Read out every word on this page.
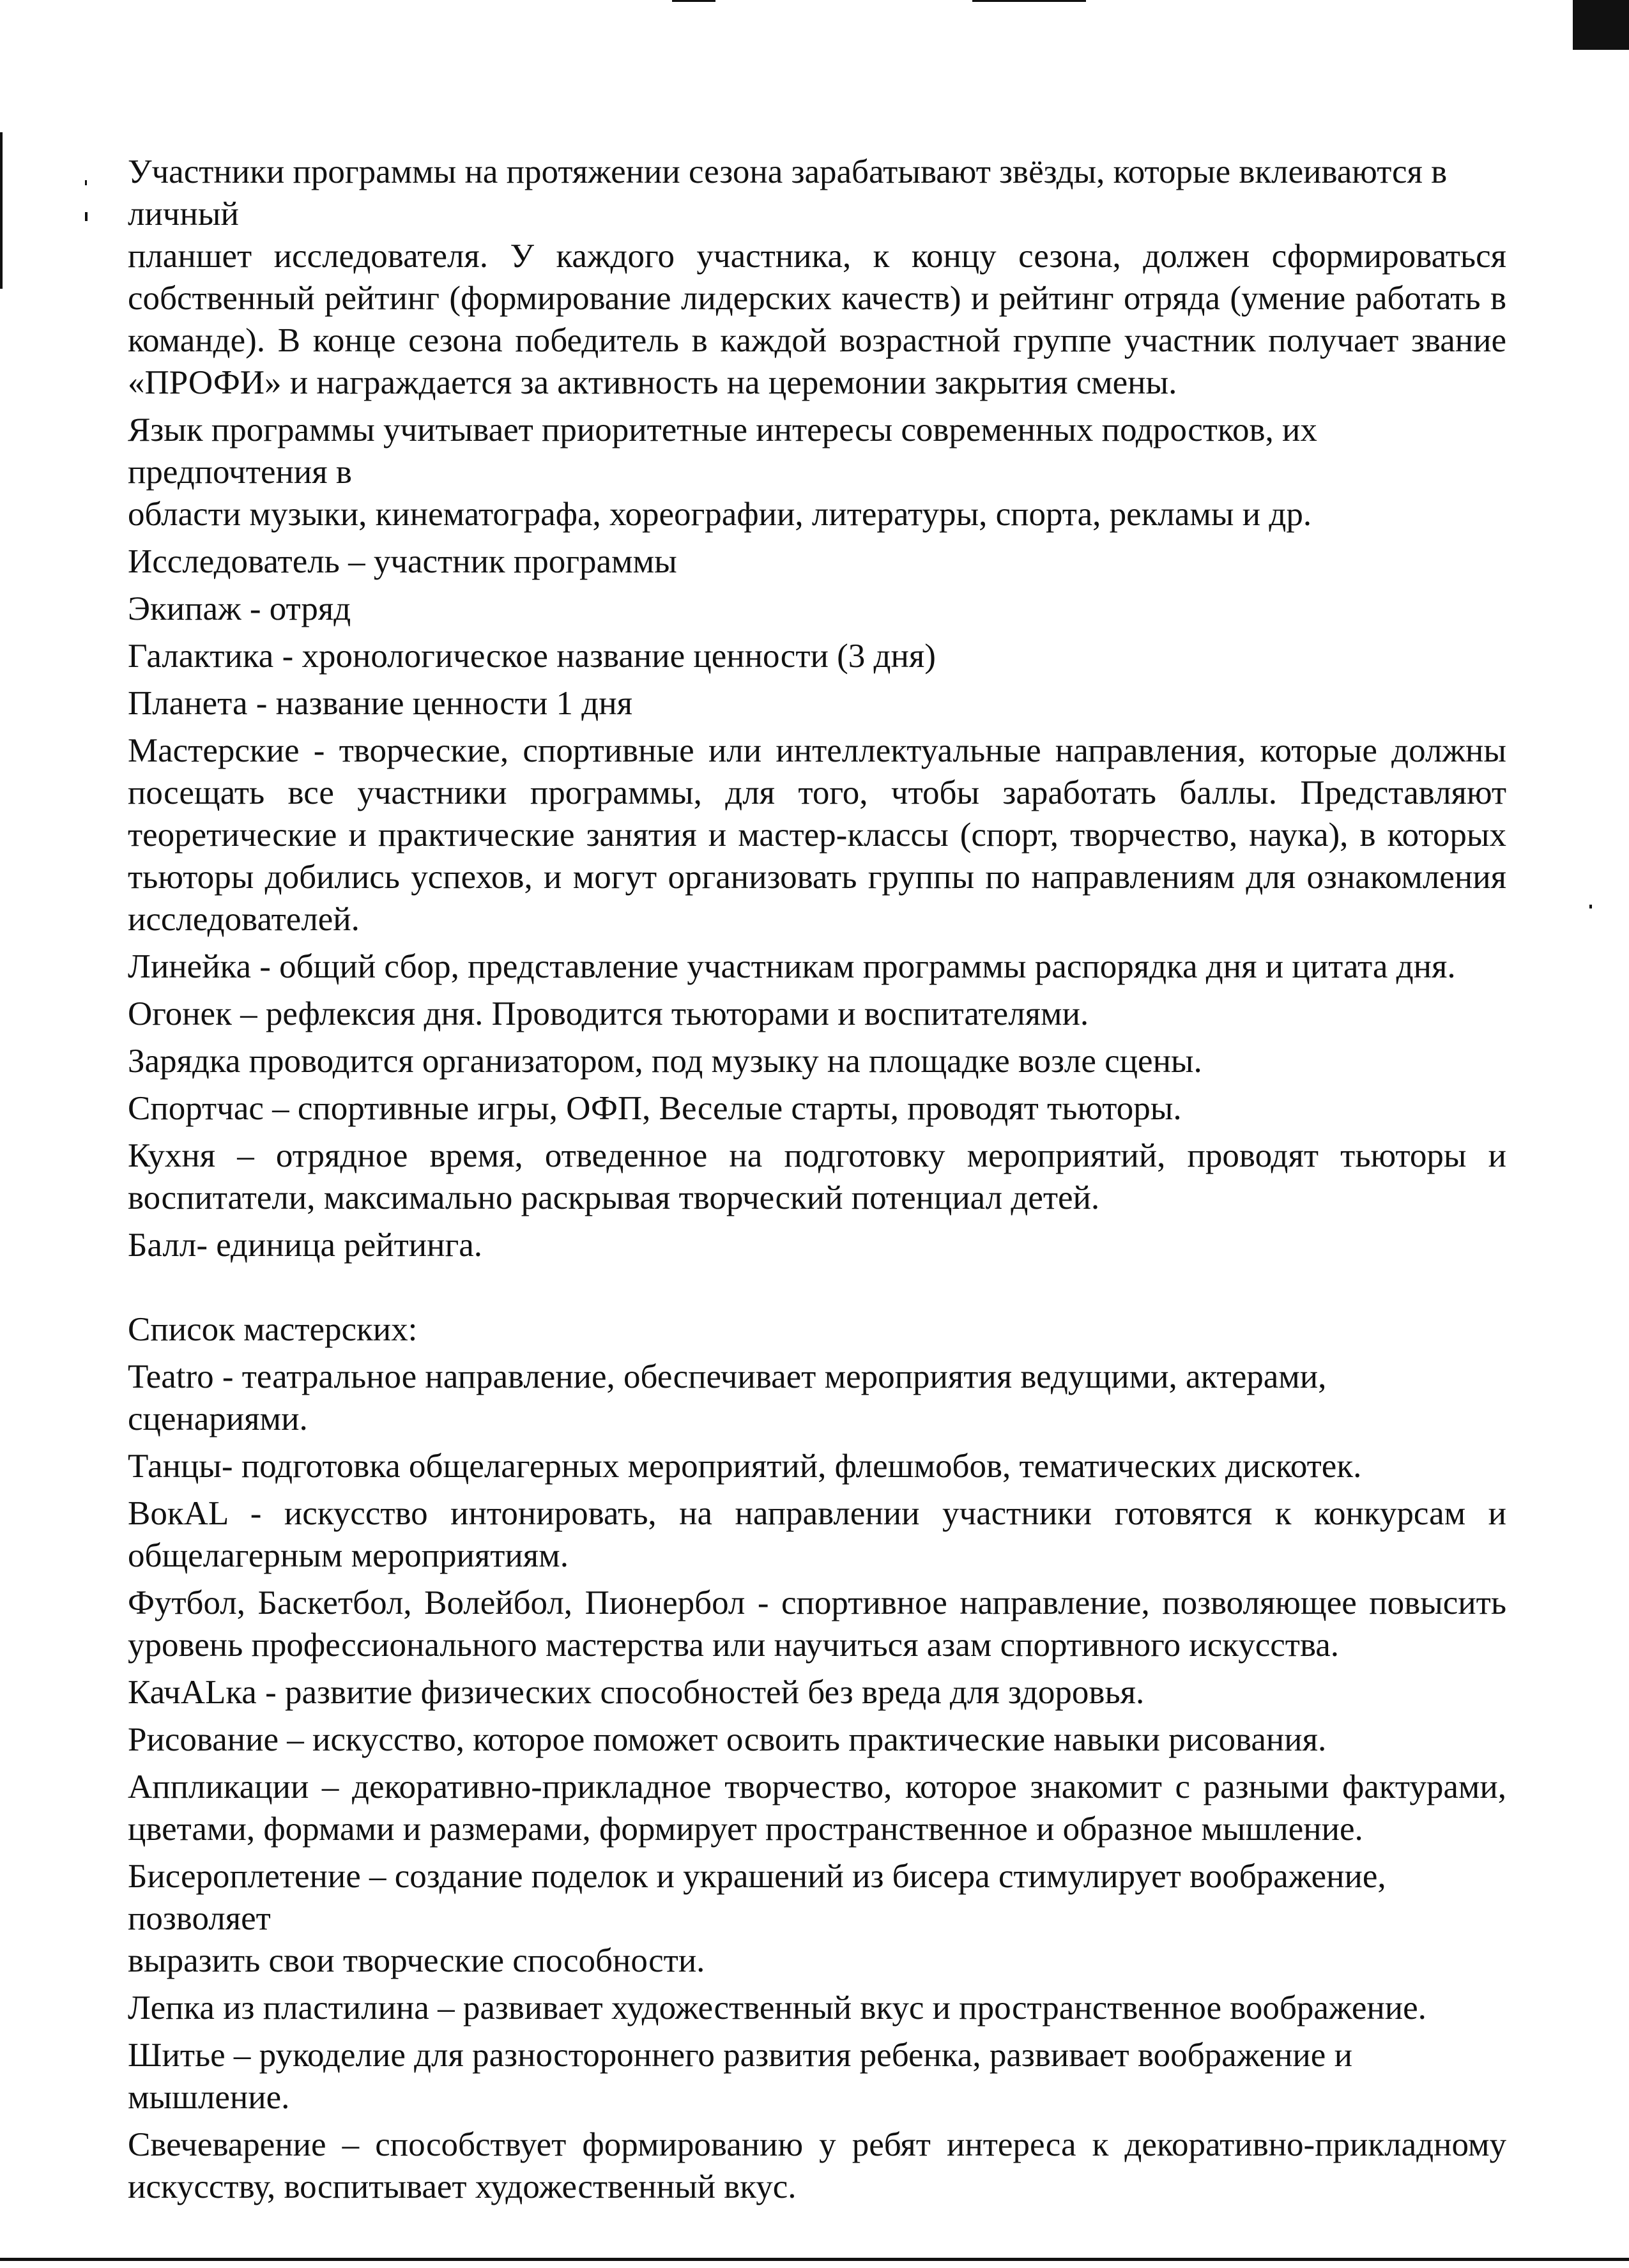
Участники программы на протяжении сезона зарабатывают звёзды, которые вклеиваются в личный
планшет исследователя. У каждого участника, к концу сезона, должен сформироваться
собственный рейтинг (формирование лидерских качеств) и рейтинг отряда (умение работать в
команде). В конце сезона победитель в каждой возрастной группе участник получает звание
«ПРОФИ» и награждается за активность на церемонии закрытия смены.
Язык программы учитывает приоритетные интересы современных подростков, их предпочтения в
области музыки, кинематографа, хореографии, литературы, спорта, рекламы и др.
Исследователь – участник программы
Экипаж - отряд
Галактика - хронологическое название ценности (3 дня)
Планета - название ценности 1 дня
Мастерские - творческие, спортивные или интеллектуальные направления, которые должны
посещать все участники программы, для того, чтобы заработать баллы. Представляют
теоретические и практические занятия и мастер-классы (спорт, творчество, наука), в которых
тьюторы добились успехов, и могут организовать группы по направлениям для ознакомления
исследователей.
Линейка - общий сбор, представление участникам программы распорядка дня и цитата дня.
Огонек – рефлексия дня. Проводится тьюторами и воспитателями.
Зарядка проводится организатором, под музыку на площадке возле сцены.
Спортчас – спортивные игры, ОФП, Веселые старты, проводят тьюторы.
Кухня – отрядное время, отведенное на подготовку мероприятий, проводят тьюторы и
воспитатели, максимально раскрывая творческий потенциал детей.
Балл- единица рейтинга.
Список мастерских:
Teatro - театральное направление, обеспечивает мероприятия ведущими, актерами, сценариями.
Танцы- подготовка общелагерных мероприятий, флешмобов, тематических дискотек.
ВокAL - искусство интонировать, на направлении участники готовятся к конкурсам и
общелагерным мероприятиям.
Футбол, Баскетбол, Волейбол, Пионербол - спортивное направление, позволяющее повысить
уровень профессионального мастерства или научиться азам спортивного искусства.
КачALка - развитие физических способностей без вреда для здоровья.
Рисование – искусство, которое поможет освоить практические навыки рисования.
Аппликации – декоративно-прикладное творчество, которое знакомит с разными фактурами,
цветами, формами и размерами, формирует пространственное и образное мышление.
Бисероплетение – создание поделок и украшений из бисера стимулирует воображение, позволяет
выразить свои творческие способности.
Лепка из пластилина – развивает художественный вкус и пространственное воображение.
Шитье – рукоделие для разностороннего развития ребенка, развивает воображение и мышление.
Свечеварение – способствует формированию у ребят интереса к декоративно-прикладному
искусству, воспитывает художественный вкус.
